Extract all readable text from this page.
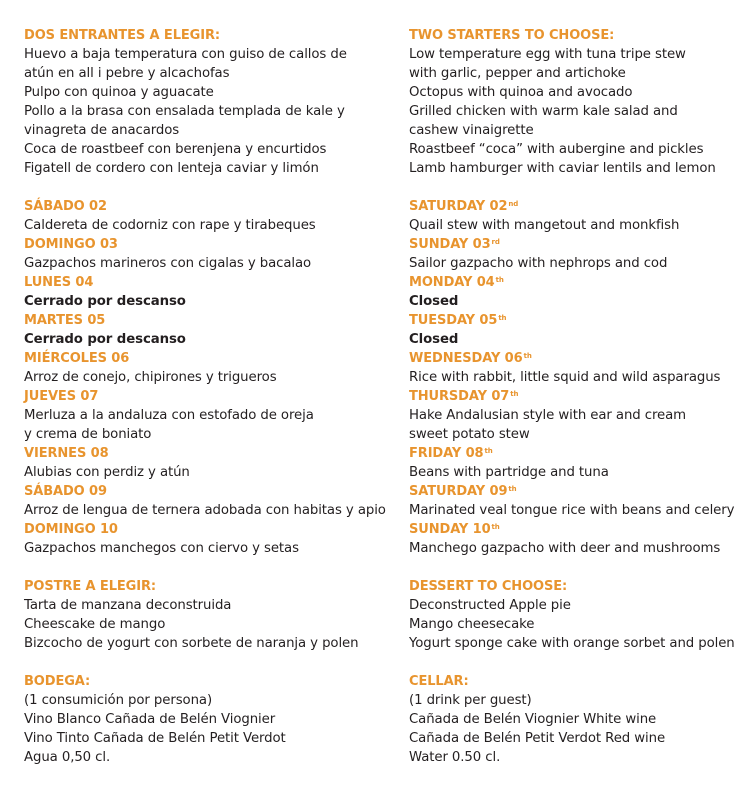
DOS ENTRANTES A ELEGIR:
Huevo a baja temperatura con guiso de callos de
atún en all i pebre y alcachofas
Pulpo con quinoa y aguacate
Pollo a la brasa con ensalada templada de kale y
vinagreta de anacardos
Coca de roastbeef con berenjena y encurtidos
Figatell de cordero con lenteja caviar y limón
SÁBADO 02
Caldereta de codorniz con rape y tirabeques
DOMINGO 03
Gazpachos marineros con cigalas y bacalao
LUNES 04
Cerrado por descanso
MARTES 05
Cerrado por descanso
MIÉRCOLES 06
Arroz de conejo, chipirones y trigueros
JUEVES 07
Merluza a la andaluza con estofado de oreja
y crema de boniato
VIERNES 08
Alubias con perdiz y atún
SÁBADO 09
Arroz de lengua de ternera adobada con habitas y apio
DOMINGO 10
Gazpachos manchegos con ciervo y setas
POSTRE A ELEGIR:
Tarta de manzana deconstruida
Cheescake de mango
Bizcocho de yogurt con sorbete de naranja y polen
BODEGA:
(1 consumición por persona)
Vino Blanco Cañada de Belén Viognier
Vino Tinto Cañada de Belén Petit Verdot
Agua 0,50 cl.
TWO STARTERS TO CHOOSE:
Low temperature egg with tuna tripe stew
with garlic, pepper and artichoke
Octopus with quinoa and avocado
Grilled chicken with warm kale salad and
cashew vinaigrette
Roastbeef “coca” with aubergine and pickles
Lamb hamburger with caviar lentils and lemon
SATURDAY 02nd
Quail stew with mangetout and monkfish
SUNDAY 03rd
Sailor gazpacho with nephrops and cod
MONDAY 04th
Closed
TUESDAY 05th
Closed
WEDNESDAY 06th
Rice with rabbit, little squid and wild asparagus
THURSDAY 07th
Hake Andalusian style with ear and cream
sweet potato stew
FRIDAY 08th
Beans with partridge and tuna
SATURDAY 09th
Marinated veal tongue rice with beans and celery
SUNDAY 10th
Manchego gazpacho with deer and mushrooms
DESSERT TO CHOOSE:
Deconstructed Apple pie
Mango cheesecake
Yogurt sponge cake with orange sorbet and polen
CELLAR:
(1 drink per guest)
Cañada de Belén Viognier White wine
Cañada de Belén Petit Verdot Red wine
Water 0.50 cl.
